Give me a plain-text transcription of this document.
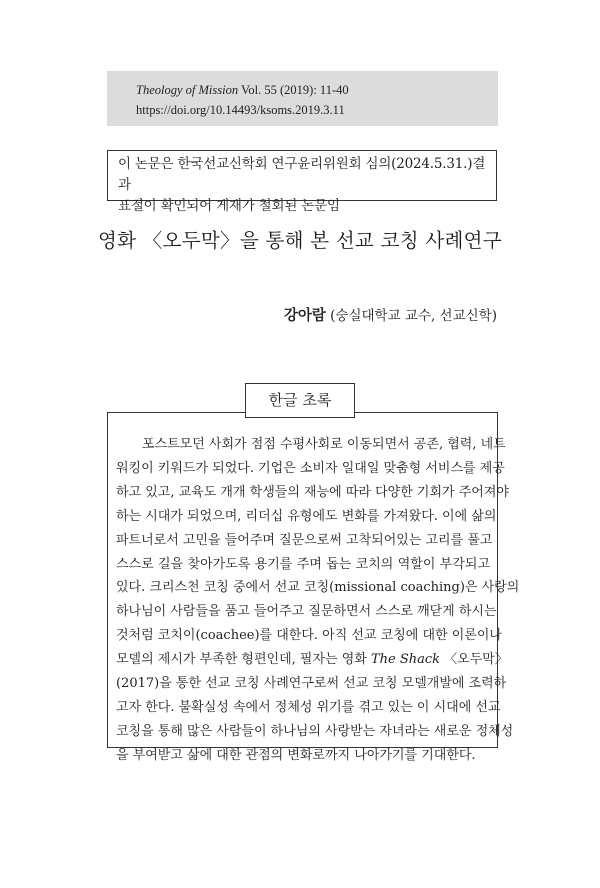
Theology of Mission Vol. 55 (2019): 11-40
https://doi.org/10.14493/ksoms.2019.3.11
이 논문은 한국선교신학회 연구윤리위원회 심의(2024.5.31.)결과
표절이 확인되어 게재가 철회된 논문임
영화 〈오두막〉을 통해 본 선교 코칭 사례연구
강아람 (숭실대학교 교수, 선교신학)
한글 초록
포스트모던 사회가 점점 수평사회로 이동되면서 공존, 협력, 네트
워킹이 키워드가 되었다. 기업은 소비자 일대일 맞춤형 서비스를 제공
하고 있고, 교육도 개개 학생들의 재능에 따라 다양한 기회가 주어져야
하는 시대가 되었으며, 리더십 유형에도 변화를 가져왔다. 이에 삶의
파트너로서 고민을 들어주며 질문으로써 고착되어있는 고리를 풀고
스스로 길을 찾아가도록 용기를 주며 돕는 코치의 역할이 부각되고
있다. 크리스천 코칭 중에서 선교 코칭(missional coaching)은 사랑의
하나님이 사람들을 품고 들어주고 질문하면서 스스로 깨닫게 하시는
것처럼 코치이(coachee)를 대한다. 아직 선교 코칭에 대한 이론이나
모델의 제시가 부족한 형편인데, 필자는 영화 The Shack 〈오두막〉
(2017)을 통한 선교 코칭 사례연구로써 선교 코칭 모델개발에 조력하
고자 한다. 불확실성 속에서 정체성 위기를 겪고 있는 이 시대에 선교
코칭을 통해 많은 사람들이 하나님의 사랑받는 자녀라는 새로운 정체성
을 부여받고 삶에 대한 관점의 변화로까지 나아가기를 기대한다.
